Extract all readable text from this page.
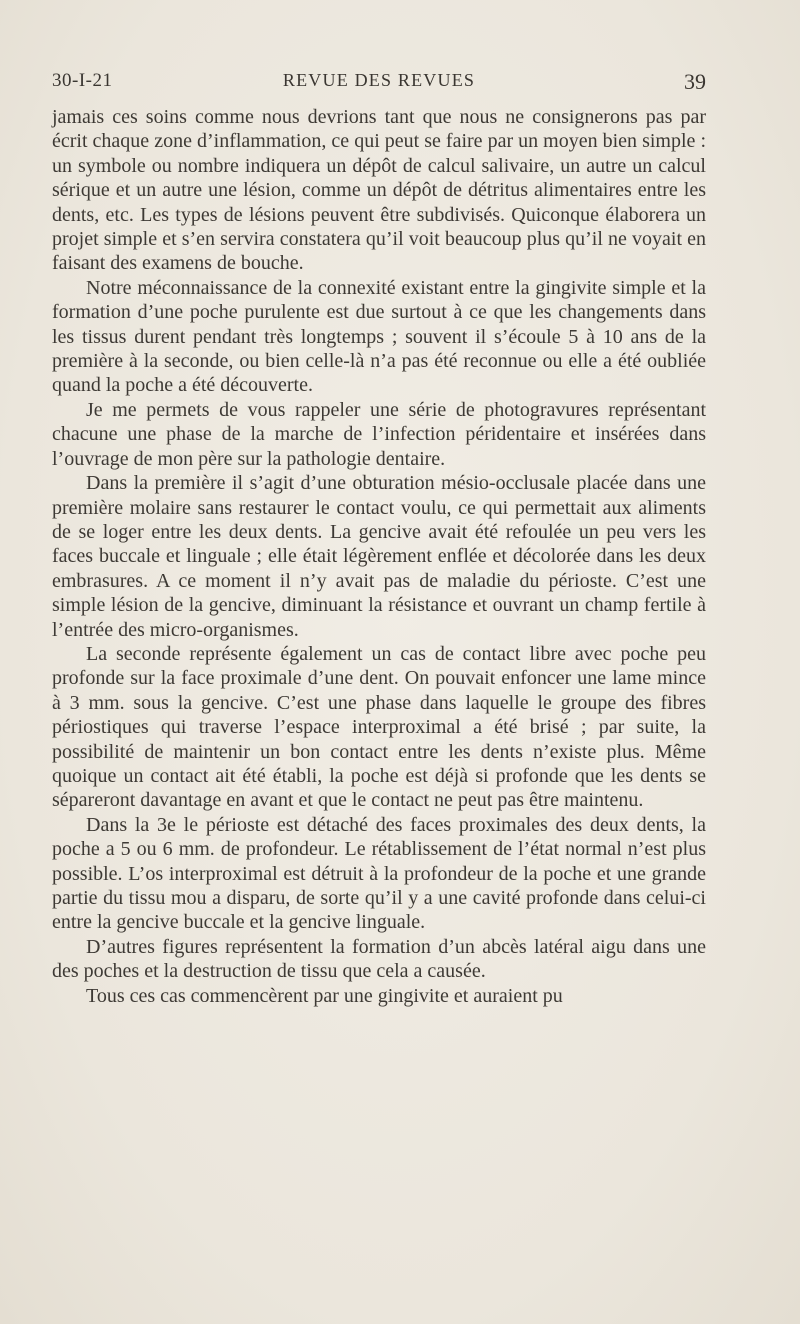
30-I-21	REVUE DES REVUES	39

jamais ces soins comme nous devrions tant que nous ne consignerons pas par écrit chaque zone d’inflammation, ce qui peut se faire par un moyen bien simple : un symbole ou nombre indiquera un dépôt de calcul salivaire, un autre un calcul sérique et un autre une lésion, comme un dépôt de détritus alimentaires entre les dents, etc. Les types de lésions peuvent être subdivisés. Quiconque élaborera un projet simple et s’en servira constatera qu’il voit beaucoup plus qu’il ne voyait en faisant des examens de bouche.

Notre méconnaissance de la connexité existant entre la gingivite simple et la formation d’une poche purulente est due surtout à ce que les changements dans les tissus durent pendant très longtemps ; souvent il s’écoule 5 à 10 ans de la première à la seconde, ou bien celle-là n’a pas été reconnue ou elle a été oubliée quand la poche a été découverte.

Je me permets de vous rappeler une série de photogravures représentant chacune une phase de la marche de l’infection péridentaire et insérées dans l’ouvrage de mon père sur la pathologie dentaire.

Dans la première il s’agit d’une obturation mésio-occlusale placée dans une première molaire sans restaurer le contact voulu, ce qui permettait aux aliments de se loger entre les deux dents. La gencive avait été refoulée un peu vers les faces buccale et linguale ; elle était légèrement enflée et décolorée dans les deux embrasures. A ce moment il n’y avait pas de maladie du périoste. C’est une simple lésion de la gencive, diminuant la résistance et ouvrant un champ fertile à l’entrée des micro-organismes.

La seconde représente également un cas de contact libre avec poche peu profonde sur la face proximale d’une dent. On pouvait enfoncer une lame mince à 3 mm. sous la gencive. C’est une phase dans laquelle le groupe des fibres périostiques qui traverse l’espace interproximal a été brisé ; par suite, la possibilité de maintenir un bon contact entre les dents n’existe plus. Même quoique un contact ait été établi, la poche est déjà si profonde que les dents se sépareront davantage en avant et que le contact ne peut pas être maintenu.

Dans la 3e le périoste est détaché des faces proximales des deux dents, la poche a 5 ou 6 mm. de profondeur. Le rétablissement de l’état normal n’est plus possible. L’os interproximal est détruit à la profondeur de la poche et une grande partie du tissu mou a disparu, de sorte qu’il y a une cavité profonde dans celui-ci entre la gencive buccale et la gencive linguale.

D’autres figures représentent la formation d’un abcès latéral aigu dans une des poches et la destruction de tissu que cela a causée.

Tous ces cas commencèrent par une gingivite et auraient pu
